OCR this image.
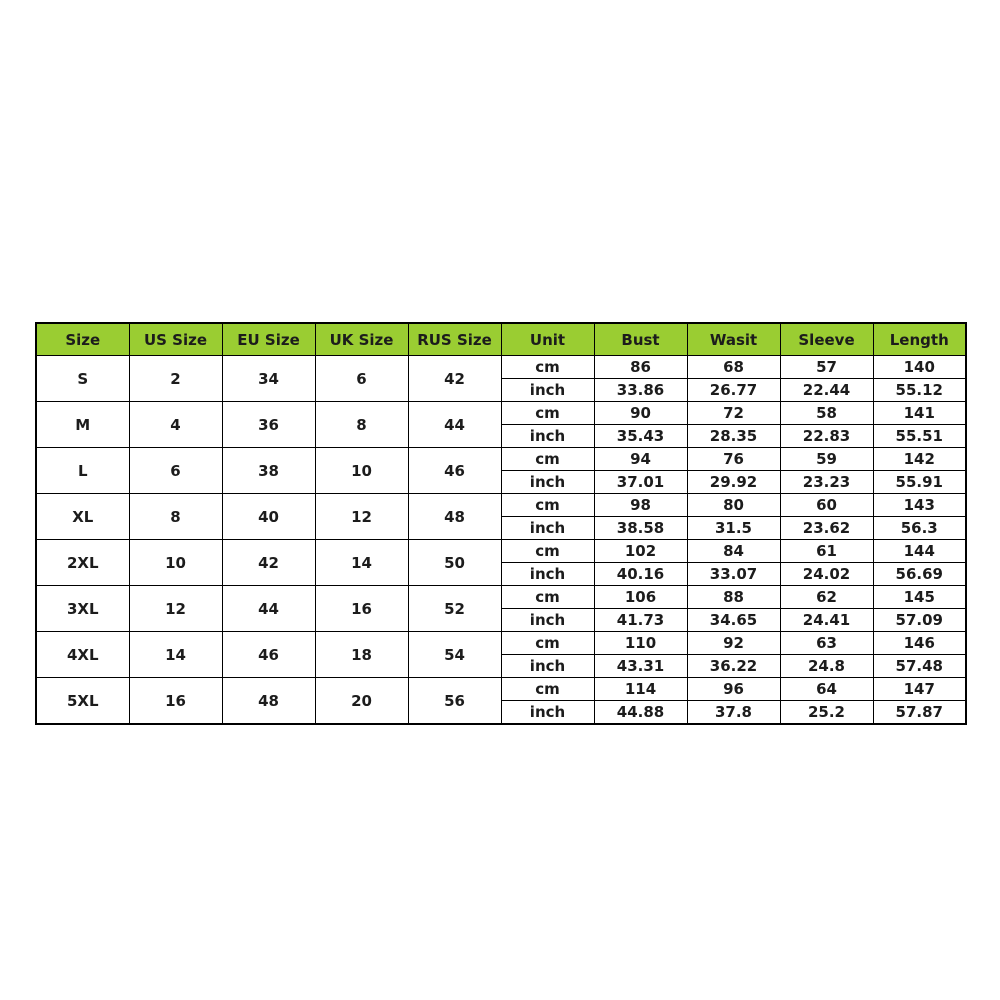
Size	US Size	EU Size	UK Size	RUS Size	Unit	Bust	Wasit	Sleeve	Length
S	2	34	6	42	cm	86	68	57	140
					inch	33.86	26.77	22.44	55.12
M	4	36	8	44	cm	90	72	58	141
					inch	35.43	28.35	22.83	55.51
L	6	38	10	46	cm	94	76	59	142
					inch	37.01	29.92	23.23	55.91
XL	8	40	12	48	cm	98	80	60	143
					inch	38.58	31.5	23.62	56.3
2XL	10	42	14	50	cm	102	84	61	144
					inch	40.16	33.07	24.02	56.69
3XL	12	44	16	52	cm	106	88	62	145
					inch	41.73	34.65	24.41	57.09
4XL	14	46	18	54	cm	110	92	63	146
					inch	43.31	36.22	24.8	57.48
5XL	16	48	20	56	cm	114	96	64	147
					inch	44.88	37.8	25.2	57.87
